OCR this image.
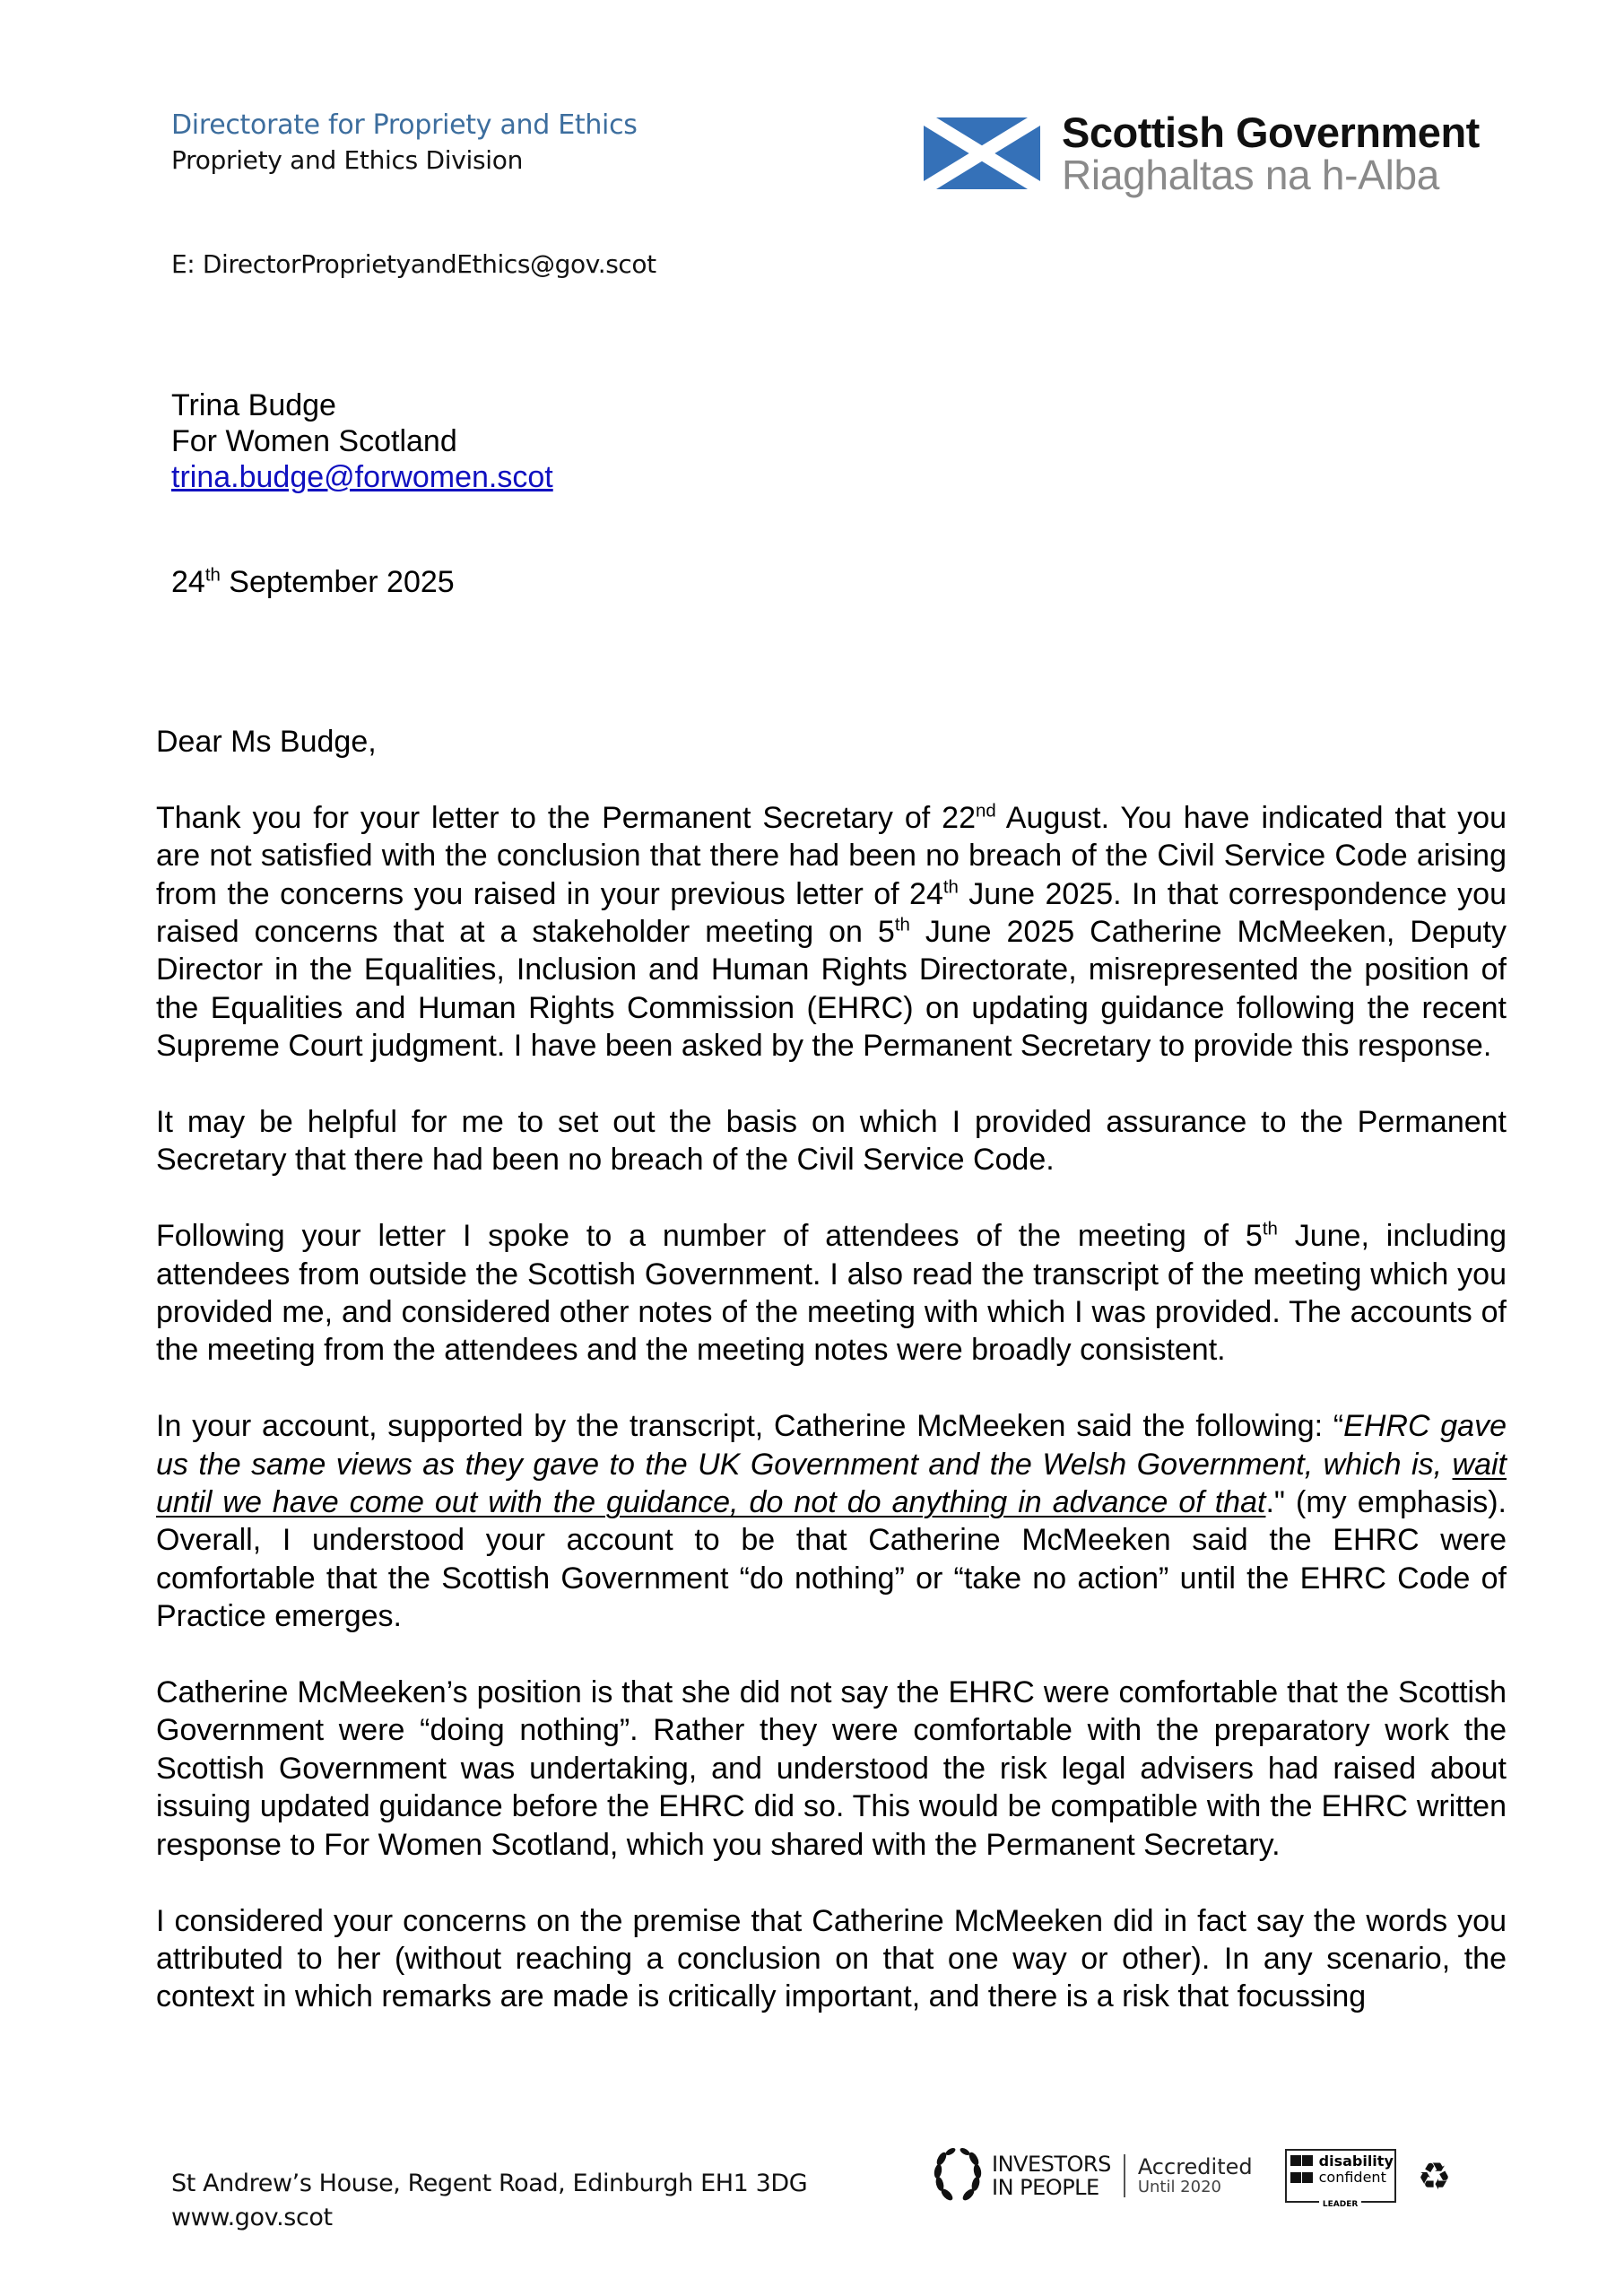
Directorate for Propriety and Ethics
Propriety and Ethics Division
E: DirectorProprietyandEthics@gov.scot
Scottish Government
Riaghaltas na h-Alba
Trina Budge
For Women Scotland
trina.budge@forwomen.scot
24th September 2025

Dear Ms Budge,

Thank you for your letter to the Permanent Secretary of 22nd August. You have indicated that you are not satisfied with the conclusion that there had been no breach of the Civil Service Code arising from the concerns you raised in your previous letter of 24th June 2025. In that correspondence you raised concerns that at a stakeholder meeting on 5th June 2025 Catherine McMeeken, Deputy Director in the Equalities, Inclusion and Human Rights Directorate, misrepresented the position of the Equalities and Human Rights Commission (EHRC) on updating guidance following the recent Supreme Court judgment. I have been asked by the Permanent Secretary to provide this response.

It may be helpful for me to set out the basis on which I provided assurance to the Permanent Secretary that there had been no breach of the Civil Service Code.

Following your letter I spoke to a number of attendees of the meeting of 5th June, including attendees from outside the Scottish Government. I also read the transcript of the meeting which you provided me, and considered other notes of the meeting with which I was provided. The accounts of the meeting from the attendees and the meeting notes were broadly consistent.

In your account, supported by the transcript, Catherine McMeeken said the following: “EHRC gave us the same views as they gave to the UK Government and the Welsh Government, which is, wait until we have come out with the guidance, do not do anything in advance of that." (my emphasis). Overall, I understood your account to be that Catherine McMeeken said the EHRC were comfortable that the Scottish Government “do nothing” or “take no action” until the EHRC Code of Practice emerges.

Catherine McMeeken’s position is that she did not say the EHRC were comfortable that the Scottish Government were “doing nothing”. Rather they were comfortable with the preparatory work the Scottish Government was undertaking, and understood the risk legal advisers had raised about issuing updated guidance before the EHRC did so. This would be compatible with the EHRC written response to For Women Scotland, which you shared with the Permanent Secretary.

I considered your concerns on the premise that Catherine McMeeken did in fact say the words you attributed to her (without reaching a conclusion on that one way or other). In any scenario, the context in which remarks are made is critically important, and there is a risk that focussing

St Andrew’s House, Regent Road, Edinburgh EH1 3DG
www.gov.scot
INVESTORS
IN PEOPLE
Accredited
Until 2020
disability
confident
LEADER
♻
